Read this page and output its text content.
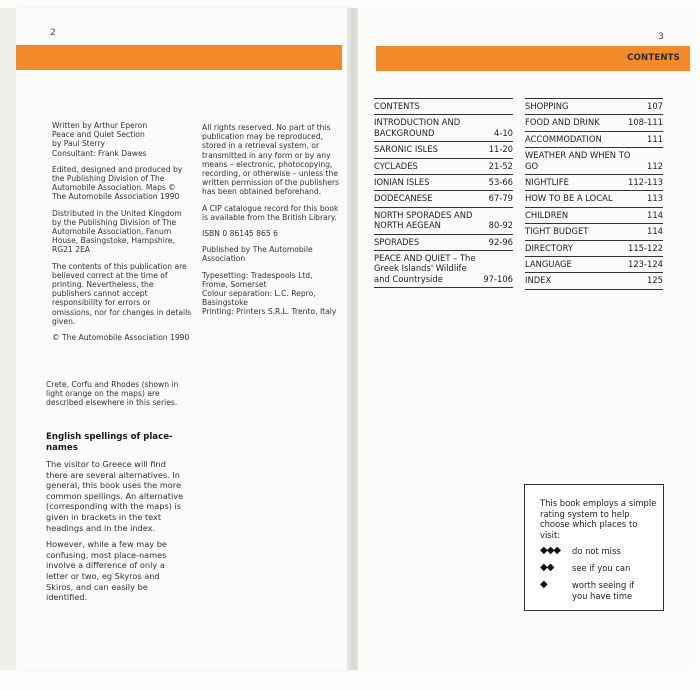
2

Written by Arthur Eperon
Peace and Quiet Section
by Paul Sterry
Consultant: Frank Dawes

Edited, designed and produced by the Publishing Division of The Automobile Association. Maps © The Automobile Association 1990

Distributed in the United Kingdom by the Publishing Division of The Automobile Association, Fanum House, Basingstoke, Hampshire, RG21 2EA

The contents of this publication are believed correct at the time of printing. Nevertheless, the publishers cannot accept responsibility for errors or omissions, nor for changes in details given.

© The Automobile Association 1990

All rights reserved. No part of this publication may be reproduced, stored in a retrieval system, or transmitted in any form or by any means – electronic, photocopying, recording, or otherwise – unless the written permission of the publishers has been obtained beforehand.

A CIP catalogue record for this book is available from the British Library.

ISBN 0 86145 865 6

Published by The Automobile Association

Typesetting: Tradespools Ltd, Frome, Somerset

Colour separation: L.C. Repro, Basingstoke

Printing: Printers S.R.L. Trento, Italy

Crete, Corfu and Rhodes (shown in light orange on the maps) are described elsewhere in this series.
English spellings of place-names

The visitor to Greece will find there are several alternatives. In general, this book uses the more common spellings. An alternative (corresponding with the maps) is given in brackets in the text headings and in the index.

However, while a few may be confusing, most place-names involve a difference of only a letter or two, eg Skyros and Skiros, and can easily be identified.

3
CONTENTS
CONTENTS
INTRODUCTION AND BACKGROUND	4-10
SARONIC ISLES	11-20
CYCLADES	21-52
IONIAN ISLES	53-66
DODECANESE	67-79
NORTH SPORADES AND NORTH AEGEAN	80-92
SPORADES	92-96
PEACE AND QUIET – The Greek Islands' Wildlife and Countryside	97-106
SHOPPING	107
FOOD AND DRINK	108-111
ACCOMMODATION	111
WEATHER AND WHEN TO GO	112
NIGHTLIFE	112-113
HOW TO BE A LOCAL	113
CHILDREN	114
TIGHT BUDGET	114
DIRECTORY	115-122
LANGUAGE	123-124
INDEX	125
This book employs a simple rating system to help choose which places to visit:
◆◆◆	do not miss
◆◆	see if you can
◆	worth seeing if you have time
